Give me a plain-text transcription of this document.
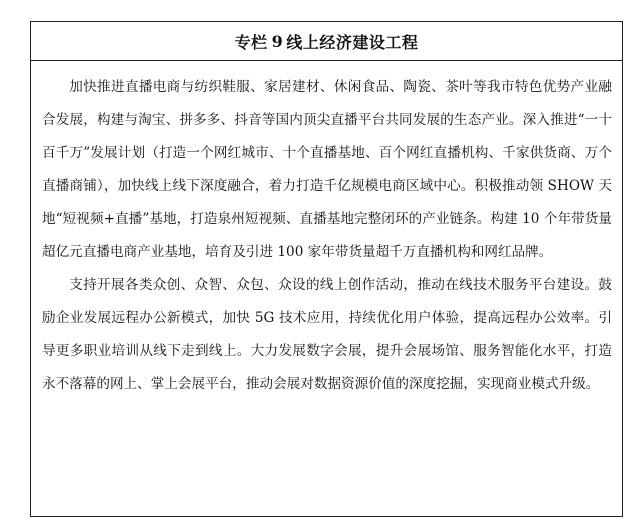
专栏 9 线上经济建设工程

加快推进直播电商与纺织鞋服、家居建材、休闲食品、陶瓷、茶叶等我市特色优势产业融合发展，构建与淘宝、拼多多、抖音等国内顶尖直播平台共同发展的生态产业。深入推进“一十百千万”发展计划（打造一个网红城市、十个直播基地、百个网红直播机构、千家供货商、万个直播商铺），加快线上线下深度融合，着力打造千亿规模电商区域中心。积极推动领 SHOW 天地“短视频+直播”基地，打造泉州短视频、直播基地完整闭环的产业链条。构建 10 个年带货量超亿元直播电商产业基地，培育及引进 100 家年带货量超千万直播机构和网红品牌。

支持开展各类众创、众智、众包、众设的线上创作活动，推动在线技术服务平台建设。鼓励企业发展远程办公新模式，加快 5G 技术应用，持续优化用户体验，提高远程办公效率。引导更多职业培训从线下走到线上。大力发展数字会展，提升会展场馆、服务智能化水平，打造永不落幕的网上、掌上会展平台，推动会展对数据资源价值的深度挖掘，实现商业模式升级。
